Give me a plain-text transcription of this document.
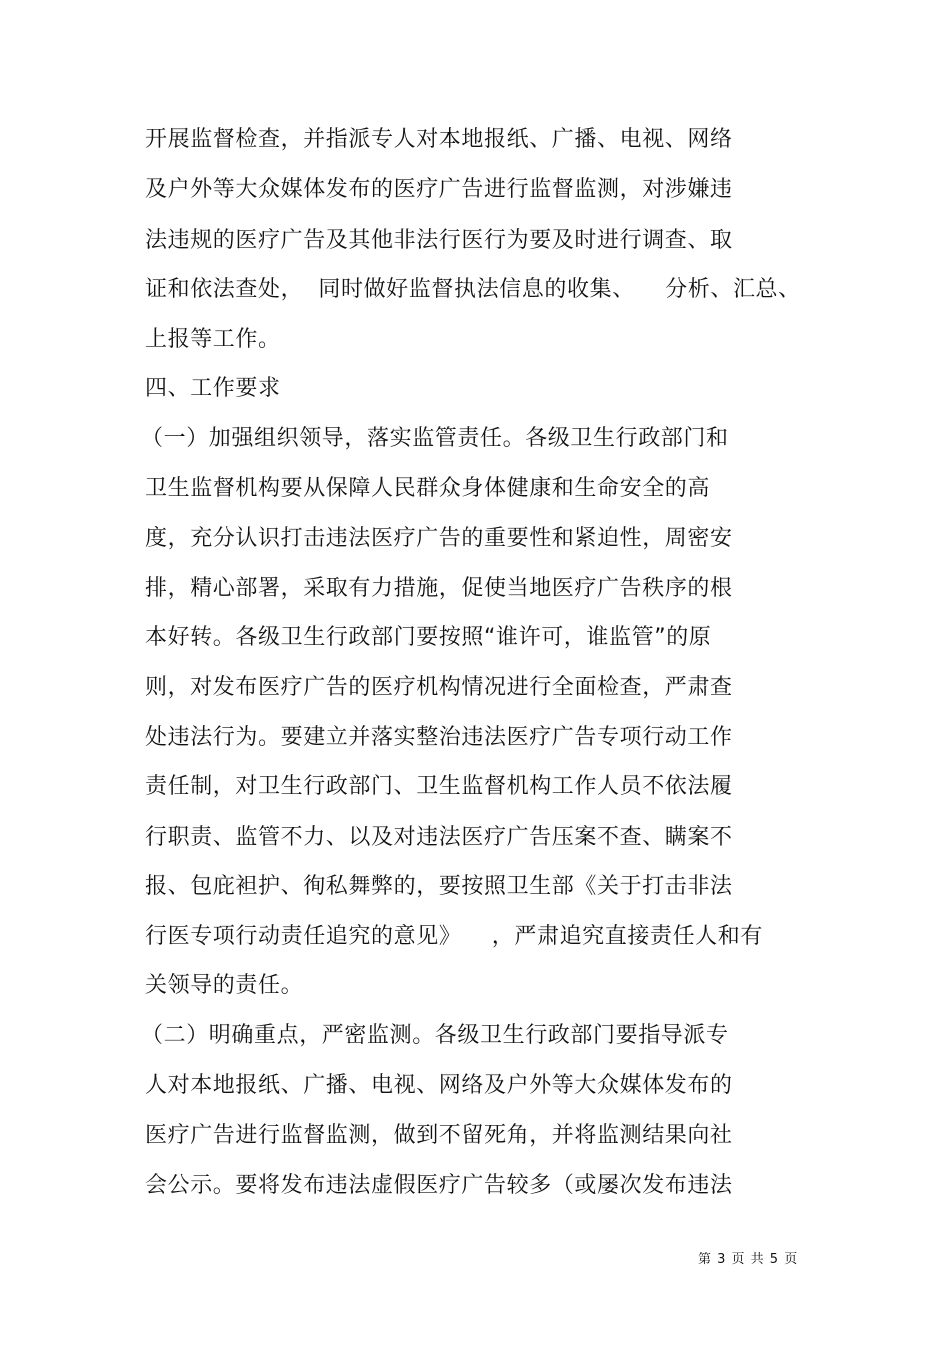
开展监督检查，并指派专人对本地报纸、广播、电视、网络
及户外等大众媒体发布的医疗广告进行监督监测，对涉嫌违
法违规的医疗广告及其他非法行医行为要及时进行调查、取
证和依法查处，  同时做好监督执法信息的收集、    分析、汇总、
上报等工作。
四、工作要求
（一）加强组织领导，落实监管责任。各级卫生行政部门和
卫生监督机构要从保障人民群众身体健康和生命安全的高
度，充分认识打击违法医疗广告的重要性和紧迫性，周密安
排，精心部署，采取有力措施，促使当地医疗广告秩序的根
本好转。各级卫生行政部门要按照“谁许可，谁监管”的原
则，对发布医疗广告的医疗机构情况进行全面检查，严肃查
处违法行为。要建立并落实整治违法医疗广告专项行动工作
责任制，对卫生行政部门、卫生监督机构工作人员不依法履
行职责、监管不力、以及对违法医疗广告压案不查、瞒案不
报、包庇袒护、徇私舞弊的，要按照卫生部《关于打击非法
行医专项行动责任追究的意见》    ，严肃追究直接责任人和有
关领导的责任。
（二）明确重点，严密监测。各级卫生行政部门要指导派专
人对本地报纸、广播、电视、网络及户外等大众媒体发布的
医疗广告进行监督监测，做到不留死角，并将监测结果向社
会公示。要将发布违法虚假医疗广告较多（或屡次发布违法
第 3 页 共 5 页
